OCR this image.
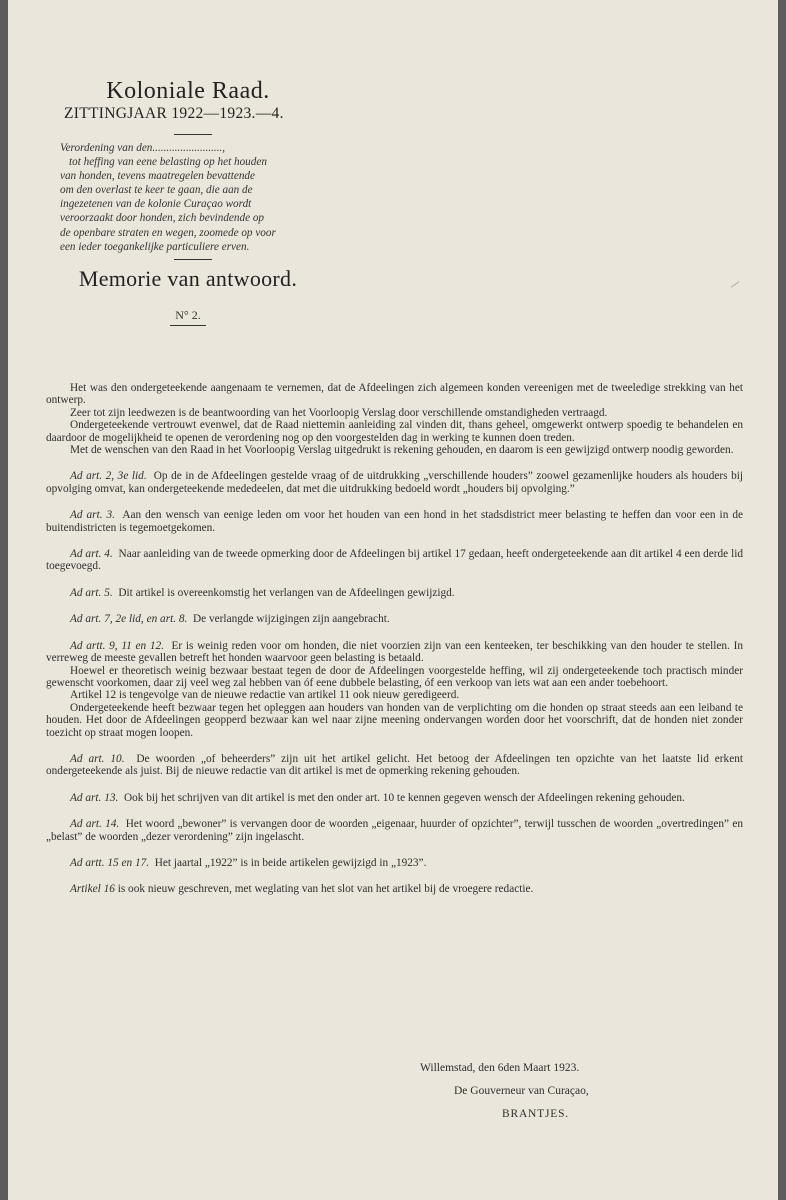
Koloniale Raad.
ZITTINGJAAR 1922—1923.—4.
Verordening van den.........................,
tot heffing van eene belasting op het houden
van honden, tevens maatregelen bevattende
om den overlast te keer te gaan, die aan de
ingezetenen van de kolonie Curaçao wordt
veroorzaakt door honden, zich bevindende op
de openbare straten en wegen, zoomede op voor
een ieder toegankelijke particuliere erven.
Memorie van antwoord.
N° 2.

Het was den ondergeteekende aangenaam te vernemen, dat de Afdeelingen zich algemeen konden vereenigen met de tweeledige strekking van het ontwerp.

Zeer tot zijn leedwezen is de beantwoording van het Voorloopig Verslag door verschillende omstandigheden vertraagd.

Ondergeteekende vertrouwt evenwel, dat de Raad niettemin aanleiding zal vinden dit, thans geheel, omgewerkt ontwerp spoedig te behandelen en daardoor de mogelijkheid te openen de verordening nog op den voorgestelden dag in werking te kunnen doen treden.

Met de wenschen van den Raad in het Voorloopig Verslag uitgedrukt is rekening gehouden, en daarom is een gewijzigd ontwerp noodig geworden.

Ad art. 2, 3e lid. Op de in de Afdeelingen gestelde vraag of de uitdrukking „verschillende houders” zoowel gezamenlijke houders als houders bij opvolging omvat, kan ondergeteekende mededeelen, dat met die uitdrukking bedoeld wordt „houders bij opvolging.”

Ad art. 3. Aan den wensch van eenige leden om voor het houden van een hond in het stadsdistrict meer belasting te heffen dan voor een in de buitendistricten is tegemoetgekomen.

Ad art. 4. Naar aanleiding van de tweede opmerking door de Afdeelingen bij artikel 17 gedaan, heeft ondergeteekende aan dit artikel 4 een derde lid toegevoegd.

Ad art. 5. Dit artikel is overeenkomstig het verlangen van de Afdeelingen gewijzigd.

Ad art. 7, 2e lid, en art. 8. De verlangde wijzigingen zijn aangebracht.

Ad artt. 9, 11 en 12. Er is weinig reden voor om honden, die niet voorzien zijn van een kenteeken, ter beschikking van den houder te stellen. In verreweg de meeste gevallen betreft het honden waarvoor geen belasting is betaald.

Hoewel er theoretisch weinig bezwaar bestaat tegen de door de Afdeelingen voorgestelde heffing, wil zij ondergeteekende toch practisch minder gewenscht voorkomen, daar zij veel weg zal hebben van óf eene dubbele belasting, óf een verkoop van iets wat aan een ander toebehoort.

Artikel 12 is tengevolge van de nieuwe redactie van artikel 11 ook nieuw geredigeerd.

Ondergeteekende heeft bezwaar tegen het opleggen aan houders van honden van de verplichting om die honden op straat steeds aan een leiband te houden. Het door de Afdeelingen geopperd bezwaar kan wel naar zijne meening ondervangen worden door het voorschrift, dat de honden niet zonder toezicht op straat mogen loopen.

Ad art. 10. De woorden „of beheerders” zijn uit het artikel gelicht. Het betoog der Afdeelingen ten opzichte van het laatste lid erkent ondergeteekende als juist. Bij de nieuwe redactie van dit artikel is met de opmerking rekening gehouden.

Ad art. 13. Ook bij het schrijven van dit artikel is met den onder art. 10 te kennen gegeven wensch der Afdeelingen rekening gehouden.

Ad art. 14. Het woord „bewoner” is vervangen door de woorden „eigenaar, huurder of opzichter”, terwijl tusschen de woorden „overtredingen” en „belast” de woorden „dezer verordening” zijn ingelascht.

Ad artt. 15 en 17. Het jaartal „1922” is in beide artikelen gewijzigd in „1923”.

Artikel 16 is ook nieuw geschreven, met weglating van het slot van het artikel bij de vroegere redactie.

Willemstad, den 6den Maart 1923.
De Gouverneur van Curaçao,
BRANTJES.
